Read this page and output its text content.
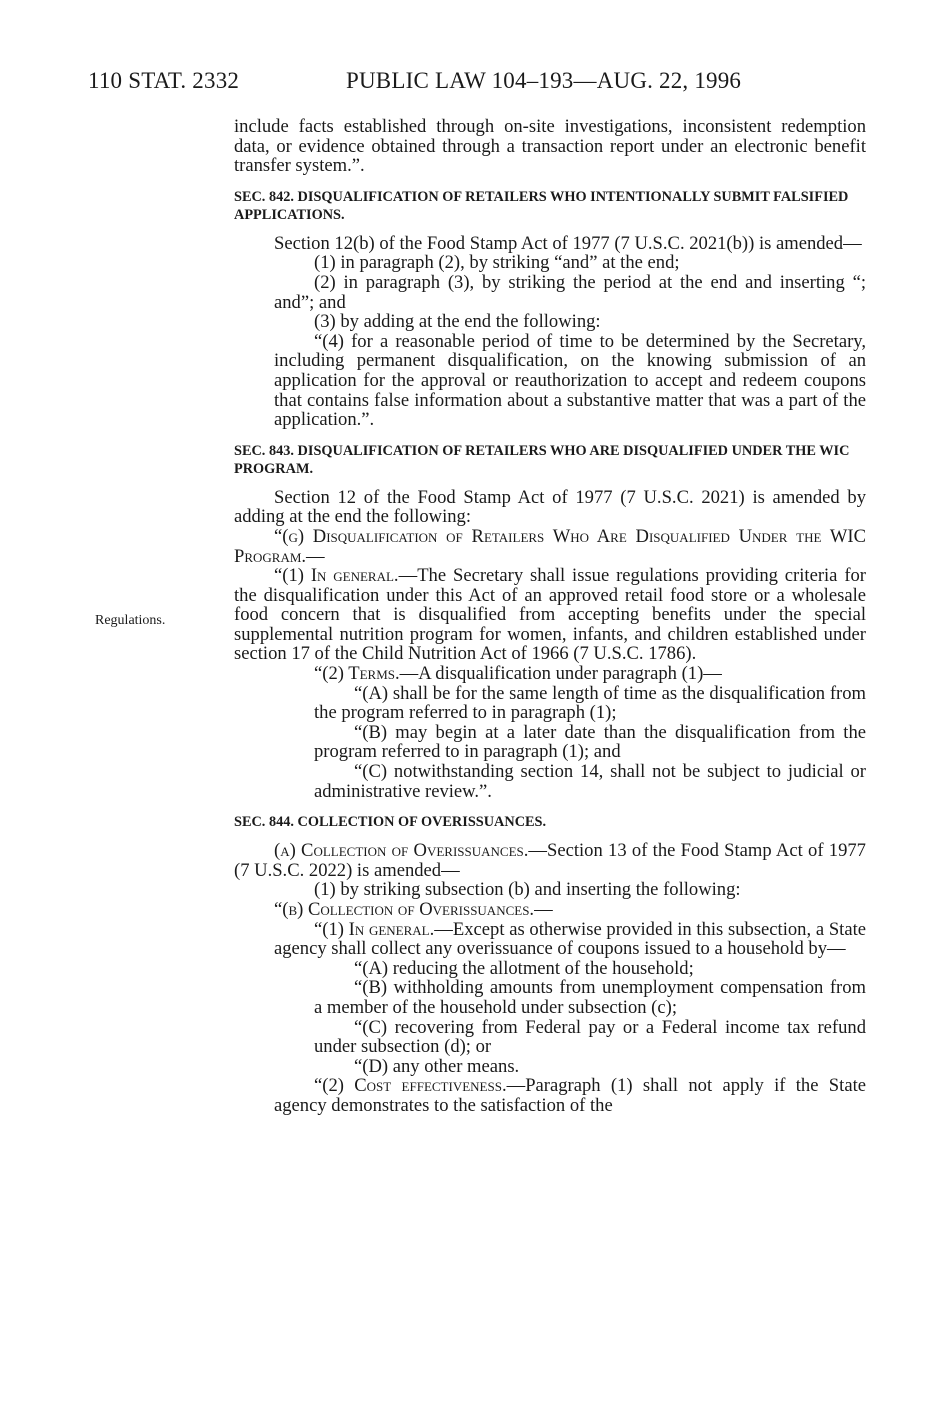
110 STAT. 2332	PUBLIC LAW 104–193—AUG. 22, 1996
Regulations.

include facts established through on-site investigations, inconsistent redemption data, or evidence obtained through a transaction report under an electronic benefit transfer system.”.

SEC. 842. DISQUALIFICATION OF RETAILERS WHO INTENTIONALLY SUBMIT FALSIFIED APPLICATIONS.

Section 12(b) of the Food Stamp Act of 1977 (7 U.S.C. 2021(b)) is amended—

(1) in paragraph (2), by striking “and” at the end;

(2) in paragraph (3), by striking the period at the end and inserting “; and”; and

(3) by adding at the end the following:

“(4) for a reasonable period of time to be determined by the Secretary, including permanent disqualification, on the knowing submission of an application for the approval or reauthorization to accept and redeem coupons that contains false information about a substantive matter that was a part of the application.”.

SEC. 843. DISQUALIFICATION OF RETAILERS WHO ARE DISQUALIFIED UNDER THE WIC PROGRAM.

Section 12 of the Food Stamp Act of 1977 (7 U.S.C. 2021) is amended by adding at the end the following:

“(g) Disqualification of Retailers Who Are Disqualified Under the WIC Program.—

“(1) In general.—The Secretary shall issue regulations providing criteria for the disqualification under this Act of an approved retail food store or a wholesale food concern that is disqualified from accepting benefits under the special supplemental nutrition program for women, infants, and children established under section 17 of the Child Nutrition Act of 1966 (7 U.S.C. 1786).

“(2) Terms.—A disqualification under paragraph (1)—

“(A) shall be for the same length of time as the disqualification from the program referred to in paragraph (1);

“(B) may begin at a later date than the disqualification from the program referred to in paragraph (1); and

“(C) notwithstanding section 14, shall not be subject to judicial or administrative review.”.

SEC. 844. COLLECTION OF OVERISSUANCES.

(a) Collection of Overissuances.—Section 13 of the Food Stamp Act of 1977 (7 U.S.C. 2022) is amended—

(1) by striking subsection (b) and inserting the following:

“(b) Collection of Overissuances.—

“(1) In general.—Except as otherwise provided in this subsection, a State agency shall collect any overissuance of coupons issued to a household by—

“(A) reducing the allotment of the household;

“(B) withholding amounts from unemployment compensation from a member of the household under subsection (c);

“(C) recovering from Federal pay or a Federal income tax refund under subsection (d); or

“(D) any other means.

“(2) Cost effectiveness.—Paragraph (1) shall not apply if the State agency demonstrates to the satisfaction of the
